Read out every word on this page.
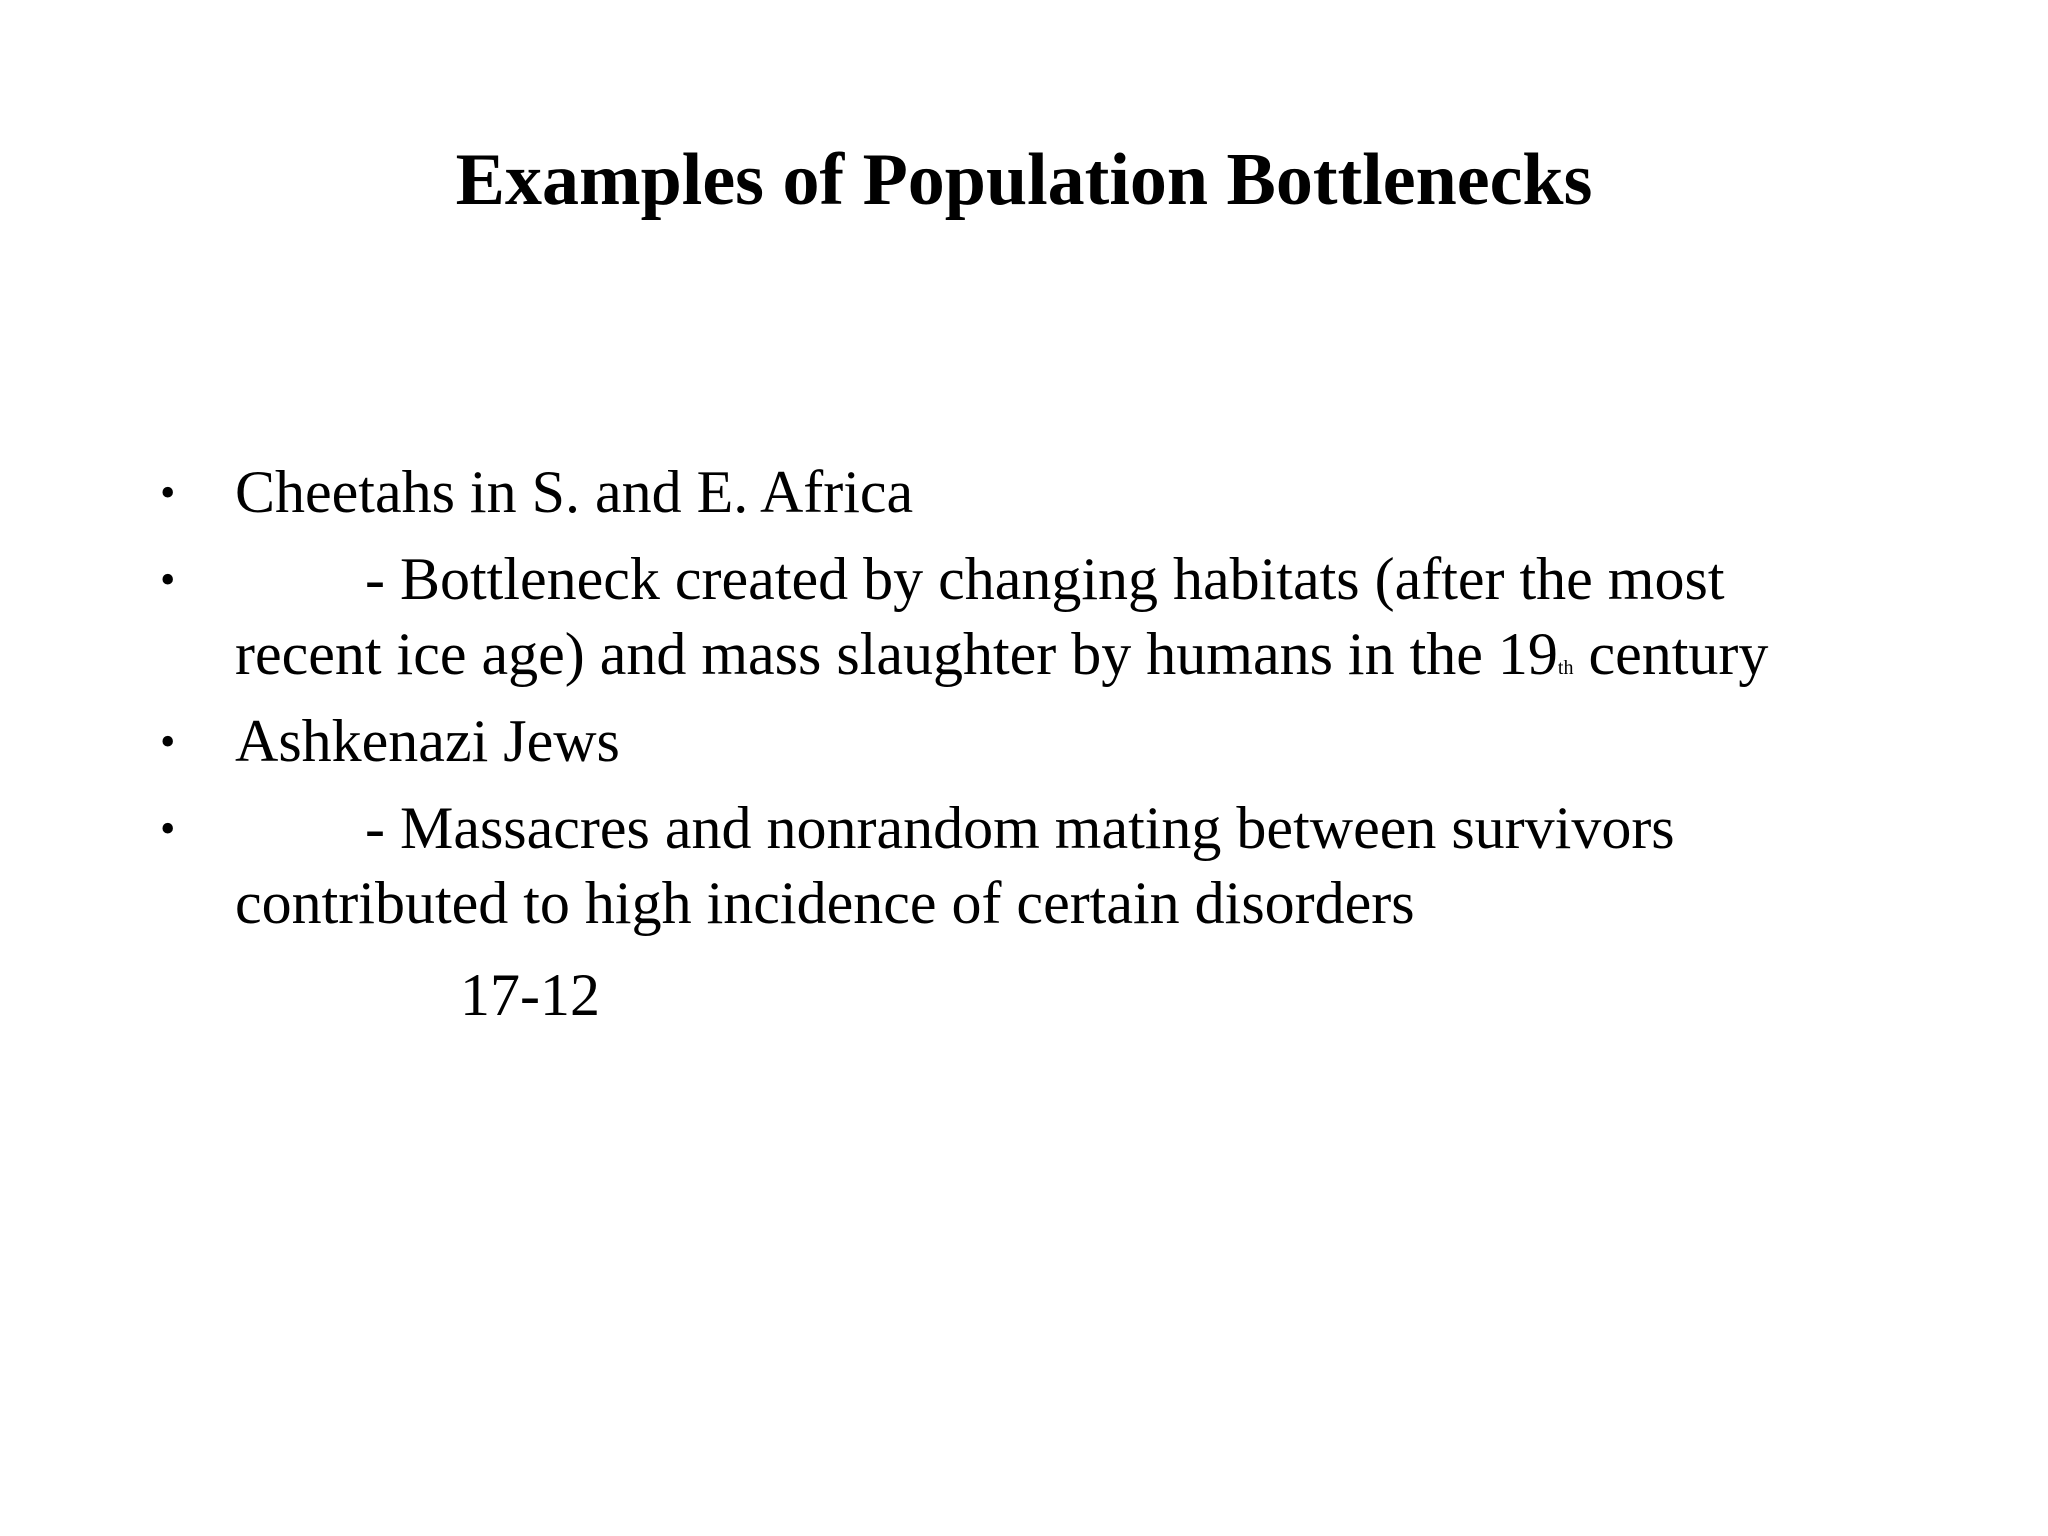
Examples of Population Bottlenecks
• Cheetahs in S. and E. Africa
•	- Bottleneck created by changing habitats (after the most
recent ice age) and mass slaughter by humans in the 19th century
• Ashkenazi Jews
•	- Massacres and nonrandom mating between survivors
contributed to high incidence of certain disorders
17-12
